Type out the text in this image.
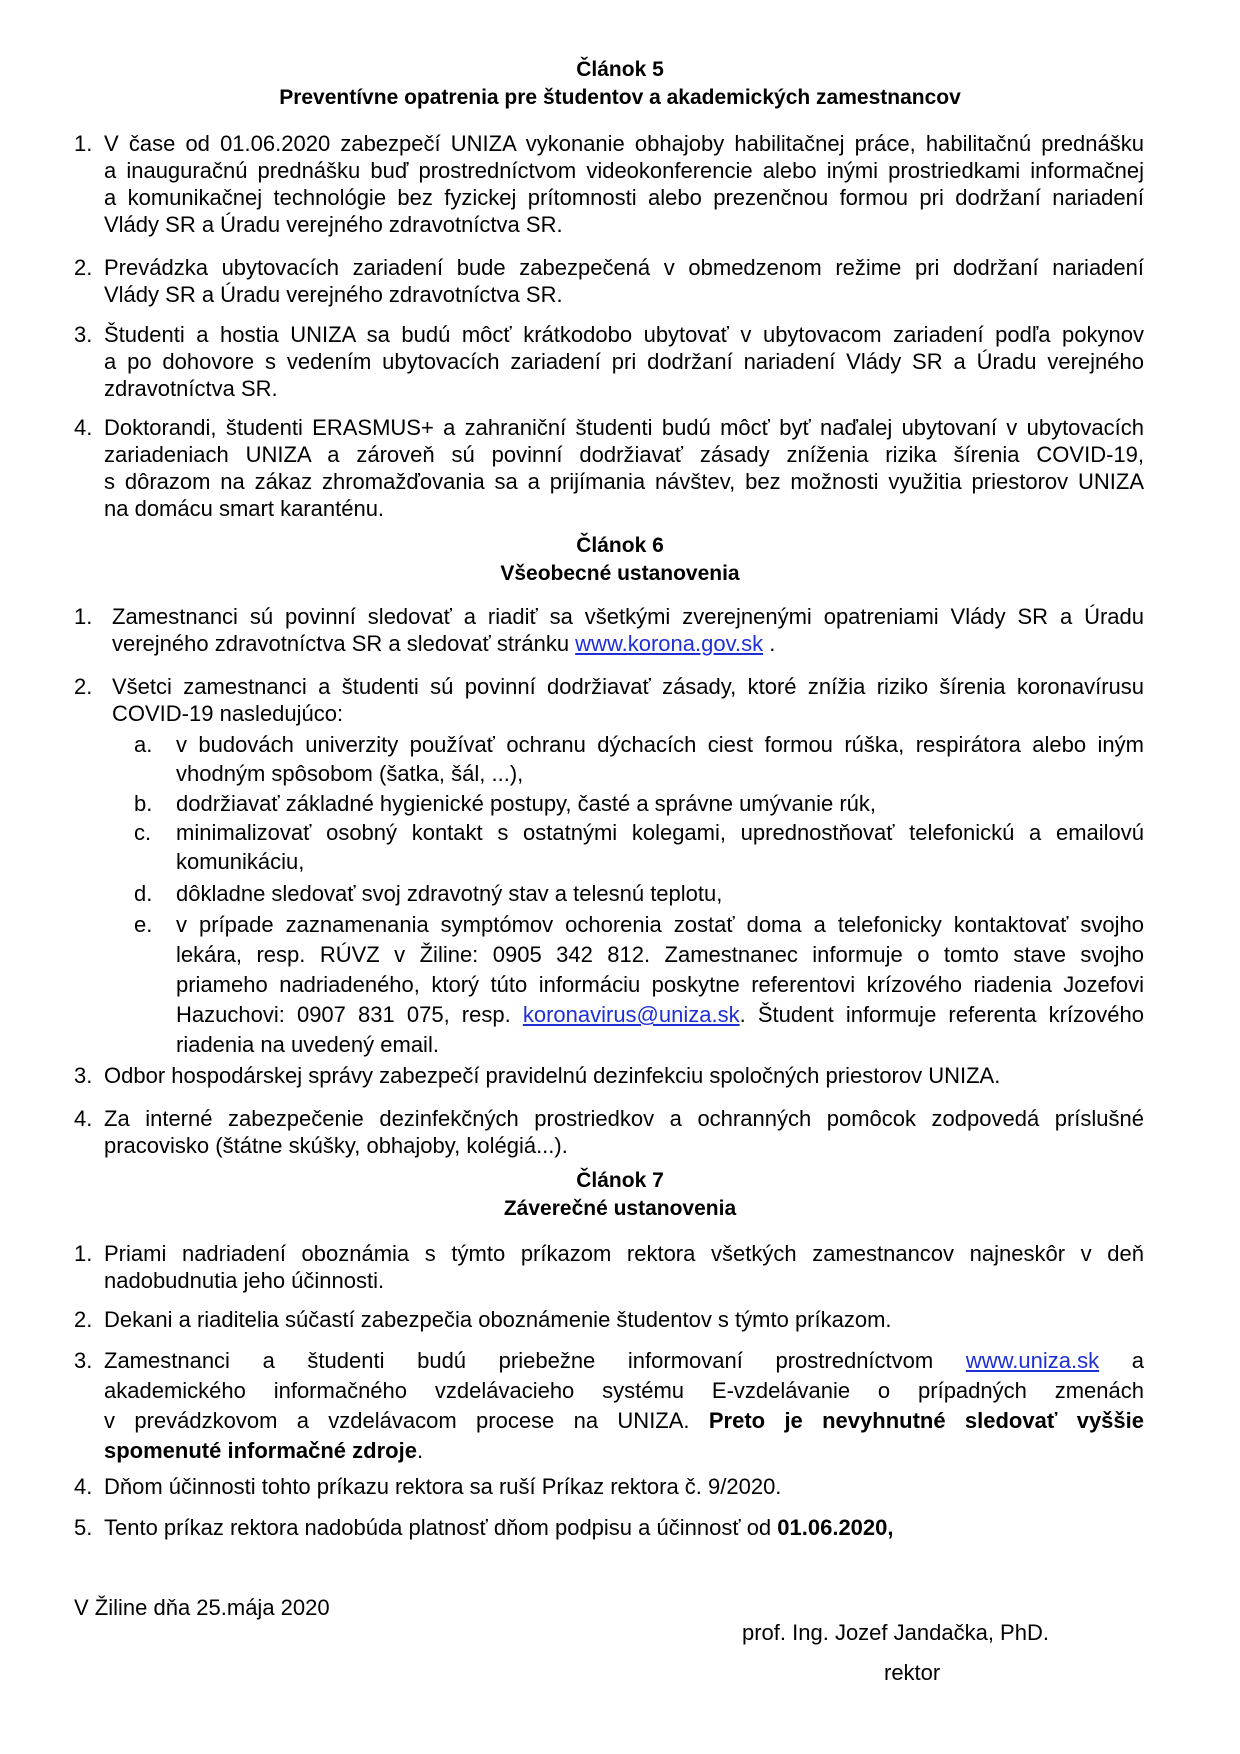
Článok 5
Preventívne opatrenia pre študentov a akademických zamestnancov
1. V čase od 01.06.2020 zabezpečí UNIZA vykonanie obhajoby habilitačnej práce, habilitačnú prednášku
a inauguračnú prednášku buď prostredníctvom videokonferencie alebo inými prostriedkami informačnej
a komunikačnej technológie bez fyzickej prítomnosti alebo prezenčnou formou pri dodržaní nariadení
Vlády SR a Úradu verejného zdravotníctva SR.
2. Prevádzka ubytovacích zariadení bude zabezpečená v obmedzenom režime pri dodržaní nariadení
Vlády SR a Úradu verejného zdravotníctva SR.
3. Študenti a hostia UNIZA sa budú môcť krátkodobo ubytovať v ubytovacom zariadení podľa pokynov
a po dohovore s vedením ubytovacích zariadení pri dodržaní nariadení Vlády SR a Úradu verejného
zdravotníctva SR.
4. Doktorandi, študenti ERASMUS+ a zahraniční študenti budú môcť byť naďalej ubytovaní v ubytovacích
zariadeniach UNIZA a zároveň sú povinní dodržiavať zásady zníženia rizika šírenia COVID-19,
s dôrazom na zákaz zhromažďovania sa a prijímania návštev, bez možnosti využitia priestorov UNIZA
na domácu smart karanténu.
Článok 6
Všeobecné ustanovenia
1. Zamestnanci sú povinní sledovať a riadiť sa všetkými zverejnenými opatreniami Vlády SR a Úradu
verejného zdravotníctva SR a sledovať stránku www.korona.gov.sk .
2. Všetci zamestnanci a študenti sú povinní dodržiavať zásady, ktoré znížia riziko šírenia koronavírusu
COVID-19 nasledujúco:
a. v budovách univerzity používať ochranu dýchacích ciest formou rúška, respirátora alebo iným
vhodným spôsobom (šatka, šál, ...),
b. dodržiavať základné hygienické postupy, časté a správne umývanie rúk,
c. minimalizovať osobný kontakt s ostatnými kolegami, uprednostňovať telefonickú a emailovú
komunikáciu,
d. dôkladne sledovať svoj zdravotný stav a telesnú teplotu,
e. v prípade zaznamenania symptómov ochorenia zostať doma a telefonicky kontaktovať svojho
lekára, resp. RÚVZ v Žiline: 0905 342 812. Zamestnanec informuje o tomto stave svojho
priameho nadriadeného, ktorý túto informáciu poskytne referentovi krízového riadenia Jozefovi
Hazuchovi: 0907 831 075, resp. koronavirus@uniza.sk. Študent informuje referenta krízového
riadenia na uvedený email.
3. Odbor hospodárskej správy zabezpečí pravidelnú dezinfekciu spoločných priestorov UNIZA.
4. Za interné zabezpečenie dezinfekčných prostriedkov a ochranných pomôcok zodpovedá príslušné
pracovisko (štátne skúšky, obhajoby, kolégiá...).
Článok 7
Záverečné ustanovenia
1. Priami nadriadení oboznámia s týmto príkazom rektora všetkých zamestnancov najneskôr v deň
nadobudnutia jeho účinnosti.
2. Dekani a riaditelia súčastí zabezpečia oboznámenie študentov s týmto príkazom.
3. Zamestnanci a študenti budú priebežne informovaní prostredníctvom www.uniza.sk a
akademického informačného vzdelávacieho systému E-vzdelávanie o prípadných zmenách
v prevádzkovom a vzdelávacom procese na UNIZA. Preto je nevyhnutné sledovať vyššie
spomenuté informačné zdroje.
4. Dňom účinnosti tohto príkazu rektora sa ruší Príkaz rektora č. 9/2020.
5. Tento príkaz rektora nadobúda platnosť dňom podpisu a účinnosť od 01.06.2020,
V Žiline dňa 25.mája 2020
prof. Ing. Jozef Jandačka, PhD.
rektor
